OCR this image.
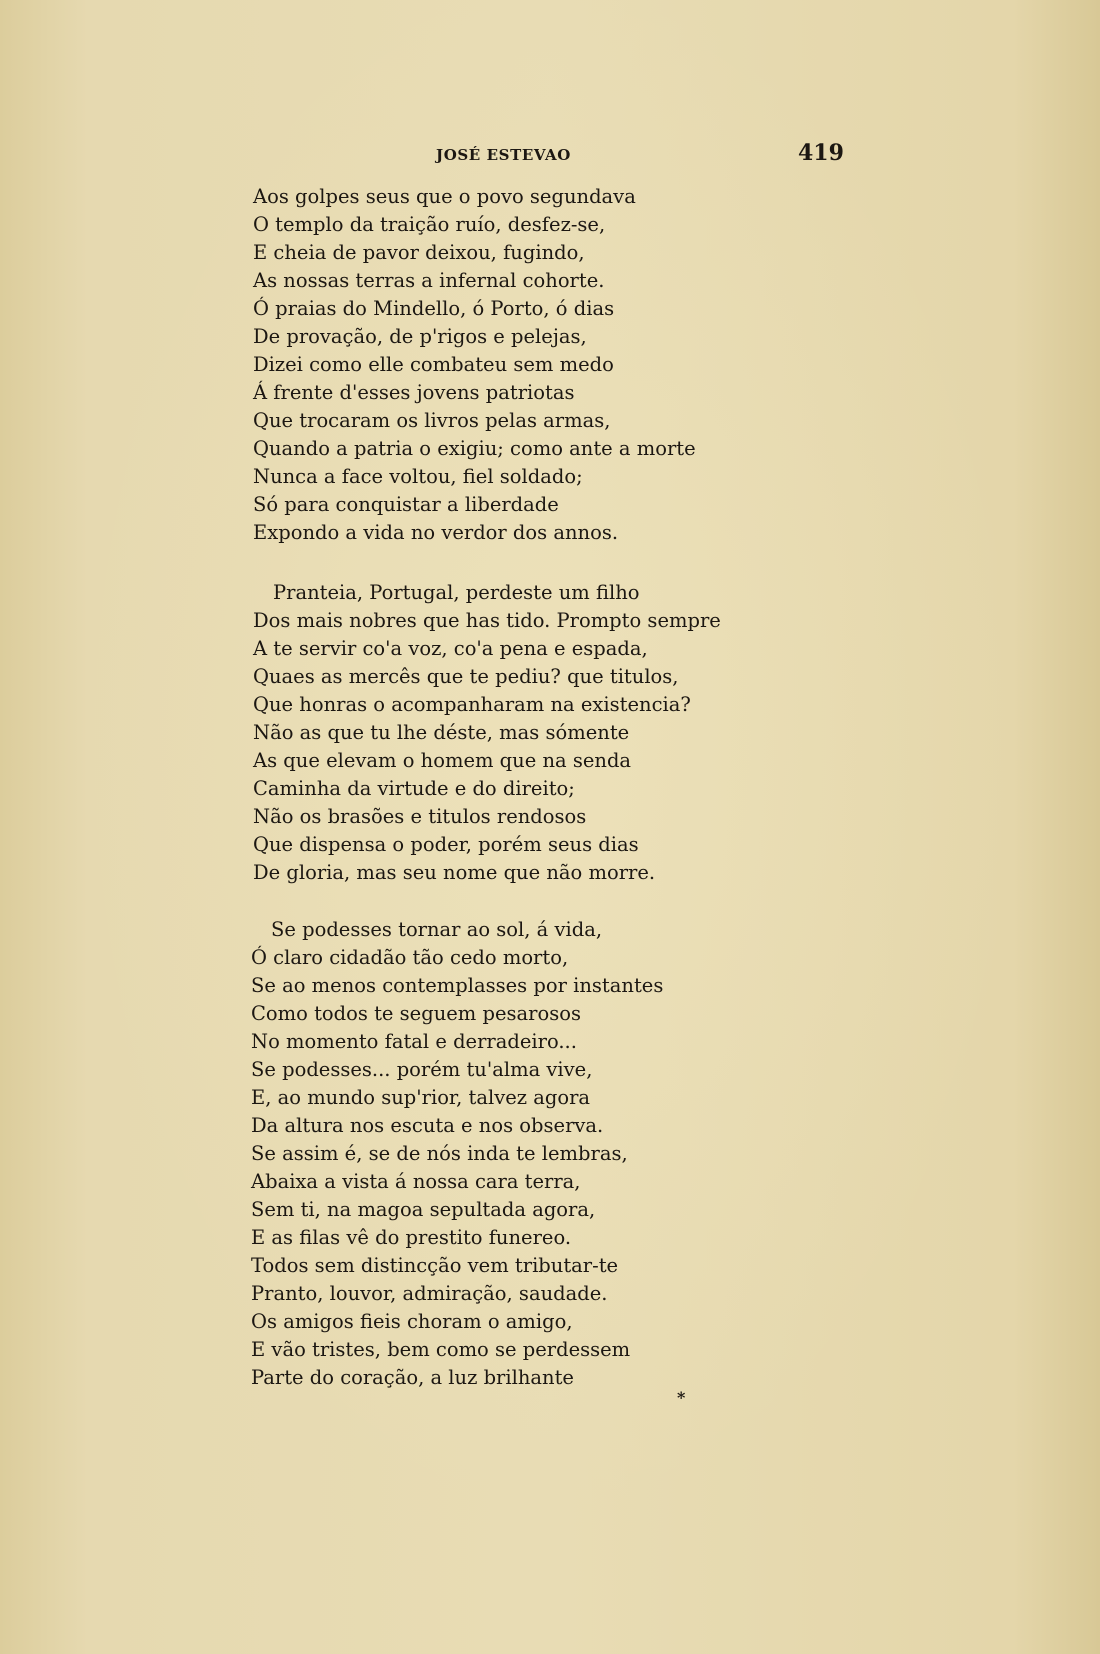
JOSÉ ESTEVAO	419
Aos golpes seus que o povo segundava
O templo da traição ruío, desfez-se,
E cheia de pavor deixou, fugindo,
As nossas terras a infernal cohorte.
Ó praias do Mindello, ó Porto, ó dias
De provação, de p'rigos e pelejas,
Dizei como elle combateu sem medo
Á frente d'esses jovens patriotas
Que trocaram os livros pelas armas,
Quando a patria o exigiu; como ante a morte
Nunca a face voltou, fiel soldado;
Só para conquistar a liberdade
Expondo a vida no verdor dos annos.
Pranteia, Portugal, perdeste um filho
Dos mais nobres que has tido. Prompto sempre
A te servir co'a voz, co'a pena e espada,
Quaes as mercês que te pediu? que titulos,
Que honras o acompanharam na existencia?
Não as que tu lhe déste, mas sómente
As que elevam o homem que na senda
Caminha da virtude e do direito;
Não os brasões e titulos rendosos
Que dispensa o poder, porém seus dias
De gloria, mas seu nome que não morre.
Se podesses tornar ao sol, á vida,
Ó claro cidadão tão cedo morto,
Se ao menos contemplasses por instantes
Como todos te seguem pesarosos
No momento fatal e derradeiro...
Se podesses... porém tu'alma vive,
E, ao mundo sup'rior, talvez agora
Da altura nos escuta e nos observa.
Se assim é, se de nós inda te lembras,
Abaixa a vista á nossa cara terra,
Sem ti, na magoa sepultada agora,
E as filas vê do prestito funereo.
Todos sem distincção vem tributar-te
Pranto, louvor, admiração, saudade.
Os amigos fieis choram o amigo,
E vão tristes, bem como se perdessem
Parte do coração, a luz brilhante
*
